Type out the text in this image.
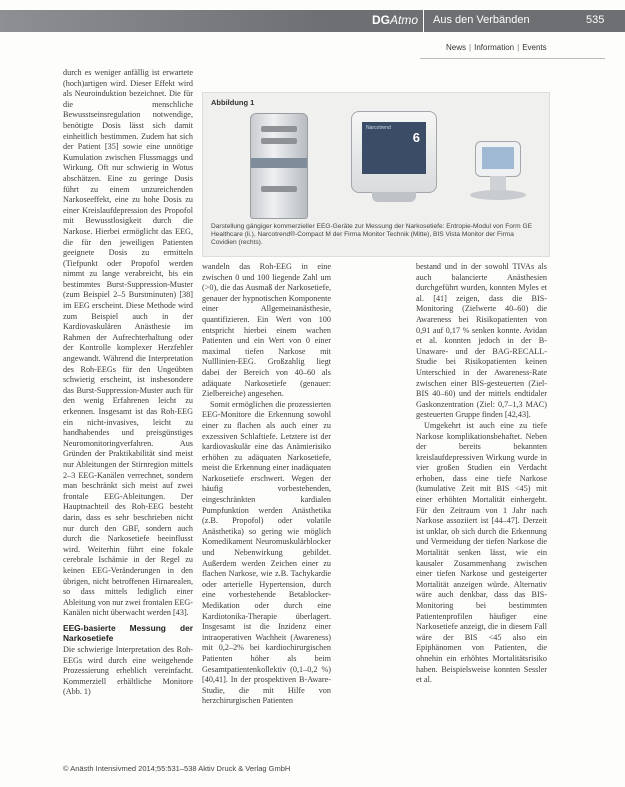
DGAtmo Aus den Verbänden	535
News | Information | Events

durch es weniger anfällig ist erwartete (hoch)artigen wird. Dieser Effekt wird als Neuroinduktion bezeichnet. Die für die menschliche Bewusstseinsregulation notwendige, benötigte Dosis lässt sich damit einheitlich bestimmen. Zudem hat sich der Patient [35] sowie eine unnötige Kumulation zwischen Flussmaggs und Wirkung. Oft nur schwierig in Wotus abschätzen. Eine zu geringe Dosis führt zu einem unzureichenden Narkoseeffekt, eine zu hohe Dosis zu einer Kreislaufdepression des Propofol mit Bewusstlosigkeit durch die Narkose. Hierbei ermöglicht das EEG, die für den jeweiligen Patienten geeignete Dosis zu ermitteln (Tiefpunkt oder Propofol werden nimmt zu lange verabreicht, bis ein bestimmtes Burst-Suppression-Muster (zum Beispiel 2–5 Burstminuten) [38] im EEG erscheint. Diese Methode wird zum Beispiel auch in der Kardiovaskulären Anästhesie im Rahmen der Aufrechterhaltung oder der Kontrolle komplexer Herzfehler angewandt. Während die Interpretation des Roh-EEGs für den Ungeübten schwierig erscheint, ist insbesondere das Burst-Suppression-Muster auch für den wenig Erfahrenen leicht zu erkennen. Insgesamt ist das Roh-EEG ein nicht-invasives, leicht zu handhabendes und preisgünstiges Neuromonitoringverfahren. Aus Gründen der Praktikabilität sind meist nur Ableitungen der Stirnregion mittels 2–3 EEG-Kanälen verrechnet, sondern man beschränkt sich meist auf zwei frontale EEG-Ableitungen. Der Hauptnachteil des Roh-EEG besteht darin, dass es sehr beschrieben nicht nur durch den GBF, sondern auch durch die Narkosetiefe beeinflusst wird. Weiterhin führt eine fokale cerebrale Ischämie in der Regel zu keinen EEG-Veränderungen in den übrigen, nicht betroffenen Hirnarealen, so dass mittels lediglich einer Ableitung von nur zwei frontalen EEG-Kanälen nicht überwacht werden [43].

EEG-basierte Messung der Narkosetiefe

Die schwierige Interpretation des Roh-EEGs wird durch eine weitgehende Prozessierung erheblich vereinfacht. Kommerziell erhältliche Monitore (Abb. 1)

Abbildung 1
Narcotrend
6
Darstellung gängiger kommerzieller EEG-Geräte zur Messung der Narkosetiefe: Entropie-Modul von Form GE Healthcare (li.), Narcotrend®-Compact M der Firma Monitor Technik (Mitte), BIS Vista Monitor der Firma Covidien (rechts).

wandeln das Roh-EEG in eine zwischen 0 und 100 liegende Zahl um (>0), die das Ausmaß der Narkosetiefe, genauer der hypnotischen Komponente einer Allgemeinanästhesie, quantifizieren. Ein Wert von 100 entspricht hierbei einem wachen Patienten und ein Wert von 0 einer maximal tiefen Narkose mit Nulllinien-EEG. Großzahlig liegt dabei der Bereich von 40–60 als adäquate Narkosetiefe (genauer: Zielbereiche) angesehen.

Somit ermöglichen die prozessierten EEG-Monitore die Erkennung sowohl einer zu flachen als auch einer zu exzessiven Schlaftiefe. Letztere ist der kardiovaskulär eine das Anämierisiko erhöhen zu adäquaten Narkosetiefe, meist die Erkennung einer inadäquaten Narkosetiefe erschwert. Wegen der häufig vorbestehenden, eingeschränkten kardialen Pumpfunktion werden Anästhetika (z.B. Propofol) oder volatile Anästhetika) so gering wie möglich Komedikament Neuromuskulärblocker und Nebenwirkung gebildet. Außerdem werden Zeichen einer zu flachen Narkose, wie z.B. Tachykardie oder arterielle Hypertension, durch eine vorbestehende Betablocker-Medikation oder durch eine Kardiotonika-Therapie überlagert. Insgesamt ist die Inzidenz einer intraoperativen Wachheit (Awareness) mit 0,2–2% bei kardiochirurgischen Patienten höher als beim Gesamtpatientenkollektiv (0,1–0,2 %) [40,41]. In der prospektiven B-Aware-Studie, die mit Hilfe von herzchirurgischen Patienten

bestand und in der sowohl TIVAs als auch balancierte Anästhesien durchgeführt wurden, konnten Myles et al. [41] zeigen, dass die BIS-Monitoring (Zielwerte 40–60) die Awareness bei Risikopatienten von 0,91 auf 0,17 % senken konnte. Avidan et al. konnten jedoch in der B-Unaware- und der BAG-RECALL-Studie bei Risikopatienten keinen Unterschied in der Awareness-Rate zwischen einer BIS-gesteuerten (Ziel-BIS 40–60) und der mittels endtidaler Gaskonzentration (Ziel: 0,7–1,3 MAC) gesteuerten Gruppe finden [42,43].

Umgekehrt ist auch eine zu tiefe Narkose komplikationsbehaftet. Neben der bereits bekannten kreislaufdepressiven Wirkung wurde in vier großen Studien ein Verdacht erhoben, dass eine tiefe Narkose (kumulative Zeit mit BIS <45) mit einer erhöhten Mortalität einhergeht. Für den Zeitraum von 1 Jahr nach Narkose assoziiert ist [44–47]. Derzeit ist unklar, ob sich durch die Erkennung und Vermeidung der tiefen Narkose die Mortalität senken lässt, wie ein kausaler Zusammenhang zwischen einer tiefen Narkose und gesteigerter Mortalität anzeigen würde. Alternativ wäre auch denkbar, dass das BIS-Monitoring bei bestimmten Patientenprofilen häufiger eine Narkosetiefe anzeigt, die in diesem Fall wäre der BIS <45 also ein Epiphänomen von Patienten, die ohnehin ein erhöhtes Mortalitätsrisiko haben. Beispielsweise konnten Sessler et al.

© Anästh Intensivmed 2014;55:531–538 Aktiv Druck & Verlag GmbH
